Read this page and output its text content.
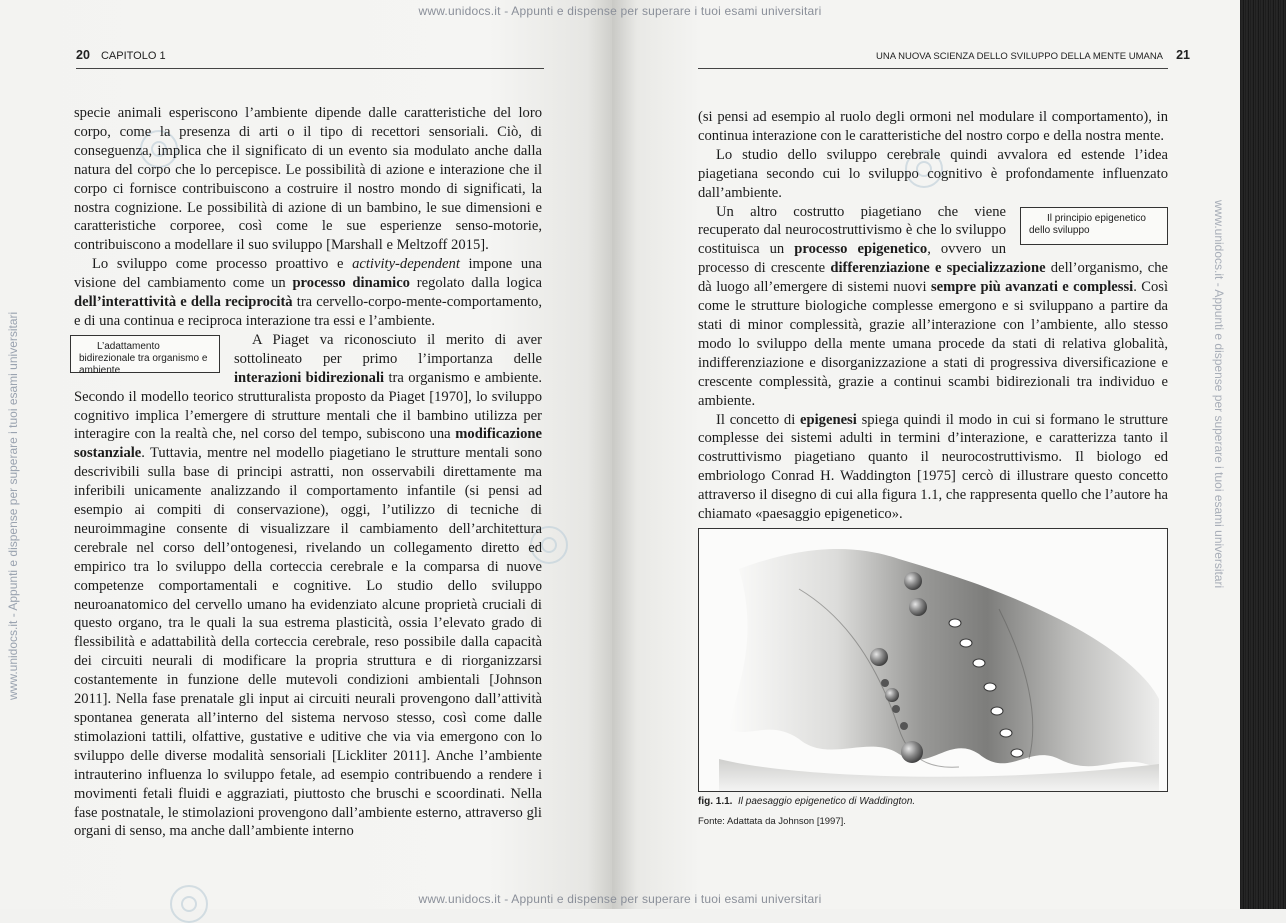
www.unidocs.it - Appunti e dispense per superare i tuoi esami universitari
www.unidocs.it - Appunti e dispense per superare i tuoi esami universitari
www.unidocs.it - Appunti e dispense per superare i tuoi esami universitari	www.unidocs.it - Appunti e dispense per superare i tuoi esami universitari
20 CAPITOLO 1	UNA NUOVA SCIENZA DELLO SVILUPPO DELLA MENTE UMANA 21

specie animali esperiscono l’ambiente dipende dalle caratteristiche del loro corpo, come la presenza di arti o il tipo di recettori sensoriali. Ciò, di conseguenza, implica che il significato di un evento sia modulato anche dalla natura del corpo che lo percepisce. Le possibilità di azione e interazione che il corpo ci fornisce contribuiscono a costruire il nostro mondo di significati, la nostra cognizione. Le possibilità di azione di un bambino, le sue dimensioni e caratteristiche corporee, così come le sue esperienze senso-motorie, contribuiscono a modellare il suo sviluppo [Marshall e Meltzoff 2015].

Lo sviluppo come processo proattivo e activity-dependent impone una visione del cambiamento come un processo dinamico regolato dalla logica dell’interattività e della reciprocità tra cervello-corpo-mente-comportamento, e di una continua e reciproca interazione tra essi e l’ambiente.

L’adattamento bidirezionale tra organismo e ambiente
A Piaget va riconosciuto il merito di aver sottolineato per primo l’importanza delle interazioni bidirezionali tra organismo e ambiente. Secondo il modello teorico strutturalista proposto da Piaget [1970], lo sviluppo cognitivo implica l’emergere di strutture mentali che il bambino utilizza per interagire con la realtà che, nel corso del tempo, subiscono una modificazione sostanziale. Tuttavia, mentre nel modello piagetiano le strutture mentali sono descrivibili sulla base di principi astratti, non osservabili direttamente ma inferibili unicamente analizzando il comportamento infantile (si pensi ad esempio ai compiti di conservazione), oggi, l’utilizzo di tecniche di neuroimmagine consente di visualizzare il cambiamento dell’architettura cerebrale nel corso dell’ontogenesi, rivelando un collegamento diretto ed empirico tra lo sviluppo della corteccia cerebrale e la comparsa di nuove competenze comportamentali e cognitive. Lo studio dello sviluppo neuroanatomico del cervello umano ha evidenziato alcune proprietà cruciali di questo organo, tra le quali la sua estrema plasticità, ossia l’elevato grado di flessibilità e adattabilità della corteccia cerebrale, reso possibile dalla capacità dei circuiti neurali di modificare la propria struttura e di riorganizzarsi costantemente in funzione delle mutevoli condizioni ambientali [Johnson 2011]. Nella fase prenatale gli input ai circuiti neurali provengono dall’attività spontanea generata all’interno del sistema nervoso stesso, così come dalle stimolazioni tattili, olfattive, gustative e uditive che via via emergono con lo sviluppo delle diverse modalità sensoriali [Lickliter 2011]. Anche l’ambiente intrauterino influenza lo sviluppo fetale, ad esempio contribuendo a rendere i movimenti fetali fluidi e aggraziati, piuttosto che bruschi e scoordinati. Nella fase postnatale, le stimolazioni provengono dall’ambiente esterno, attraverso gli organi di senso, ma anche dall’ambiente interno

(si pensi ad esempio al ruolo degli ormoni nel modulare il comportamento), in continua interazione con le caratteristiche del nostro corpo e della nostra mente.

Lo studio dello sviluppo cerebrale quindi avvalora ed estende l’idea piagetiana secondo cui lo sviluppo cognitivo è profondamente influenzato dall’ambiente.

Il principio epigenetico dello sviluppo
Un altro costrutto piagetiano che viene recuperato dal neurocostruttivismo è che lo sviluppo costituisca un processo epigenetico, ovvero un processo di crescente differenziazione e specializzazione dell’organismo, che dà luogo all’emergere di sistemi nuovi sempre più avanzati e complessi. Così come le strutture biologiche complesse emergono e si sviluppano a partire da stati di minor complessità, grazie all’interazione con l’ambiente, allo stesso modo lo sviluppo della mente umana procede da stati di relativa globalità, indifferenziazione e disorganizzazione a stati di progressiva diversificazione e crescente complessità, grazie a continui scambi bidirezionali tra individuo e ambiente.

Il concetto di epigenesi spiega quindi il modo in cui si formano le strutture complesse dei sistemi adulti in termini d’interazione, e caratterizza tanto il costruttivismo piagetiano quanto il neurocostruttivismo. Il biologo ed embriologo Conrad H. Waddington [1975] cercò di illustrare questo concetto attraverso il disegno di cui alla figura 1.1, che rappresenta quello che l’autore ha chiamato «paesaggio epigenetico».

fig. 1.1. Il paesaggio epigenetico di Waddington.
Fonte: Adattata da Johnson [1997].
